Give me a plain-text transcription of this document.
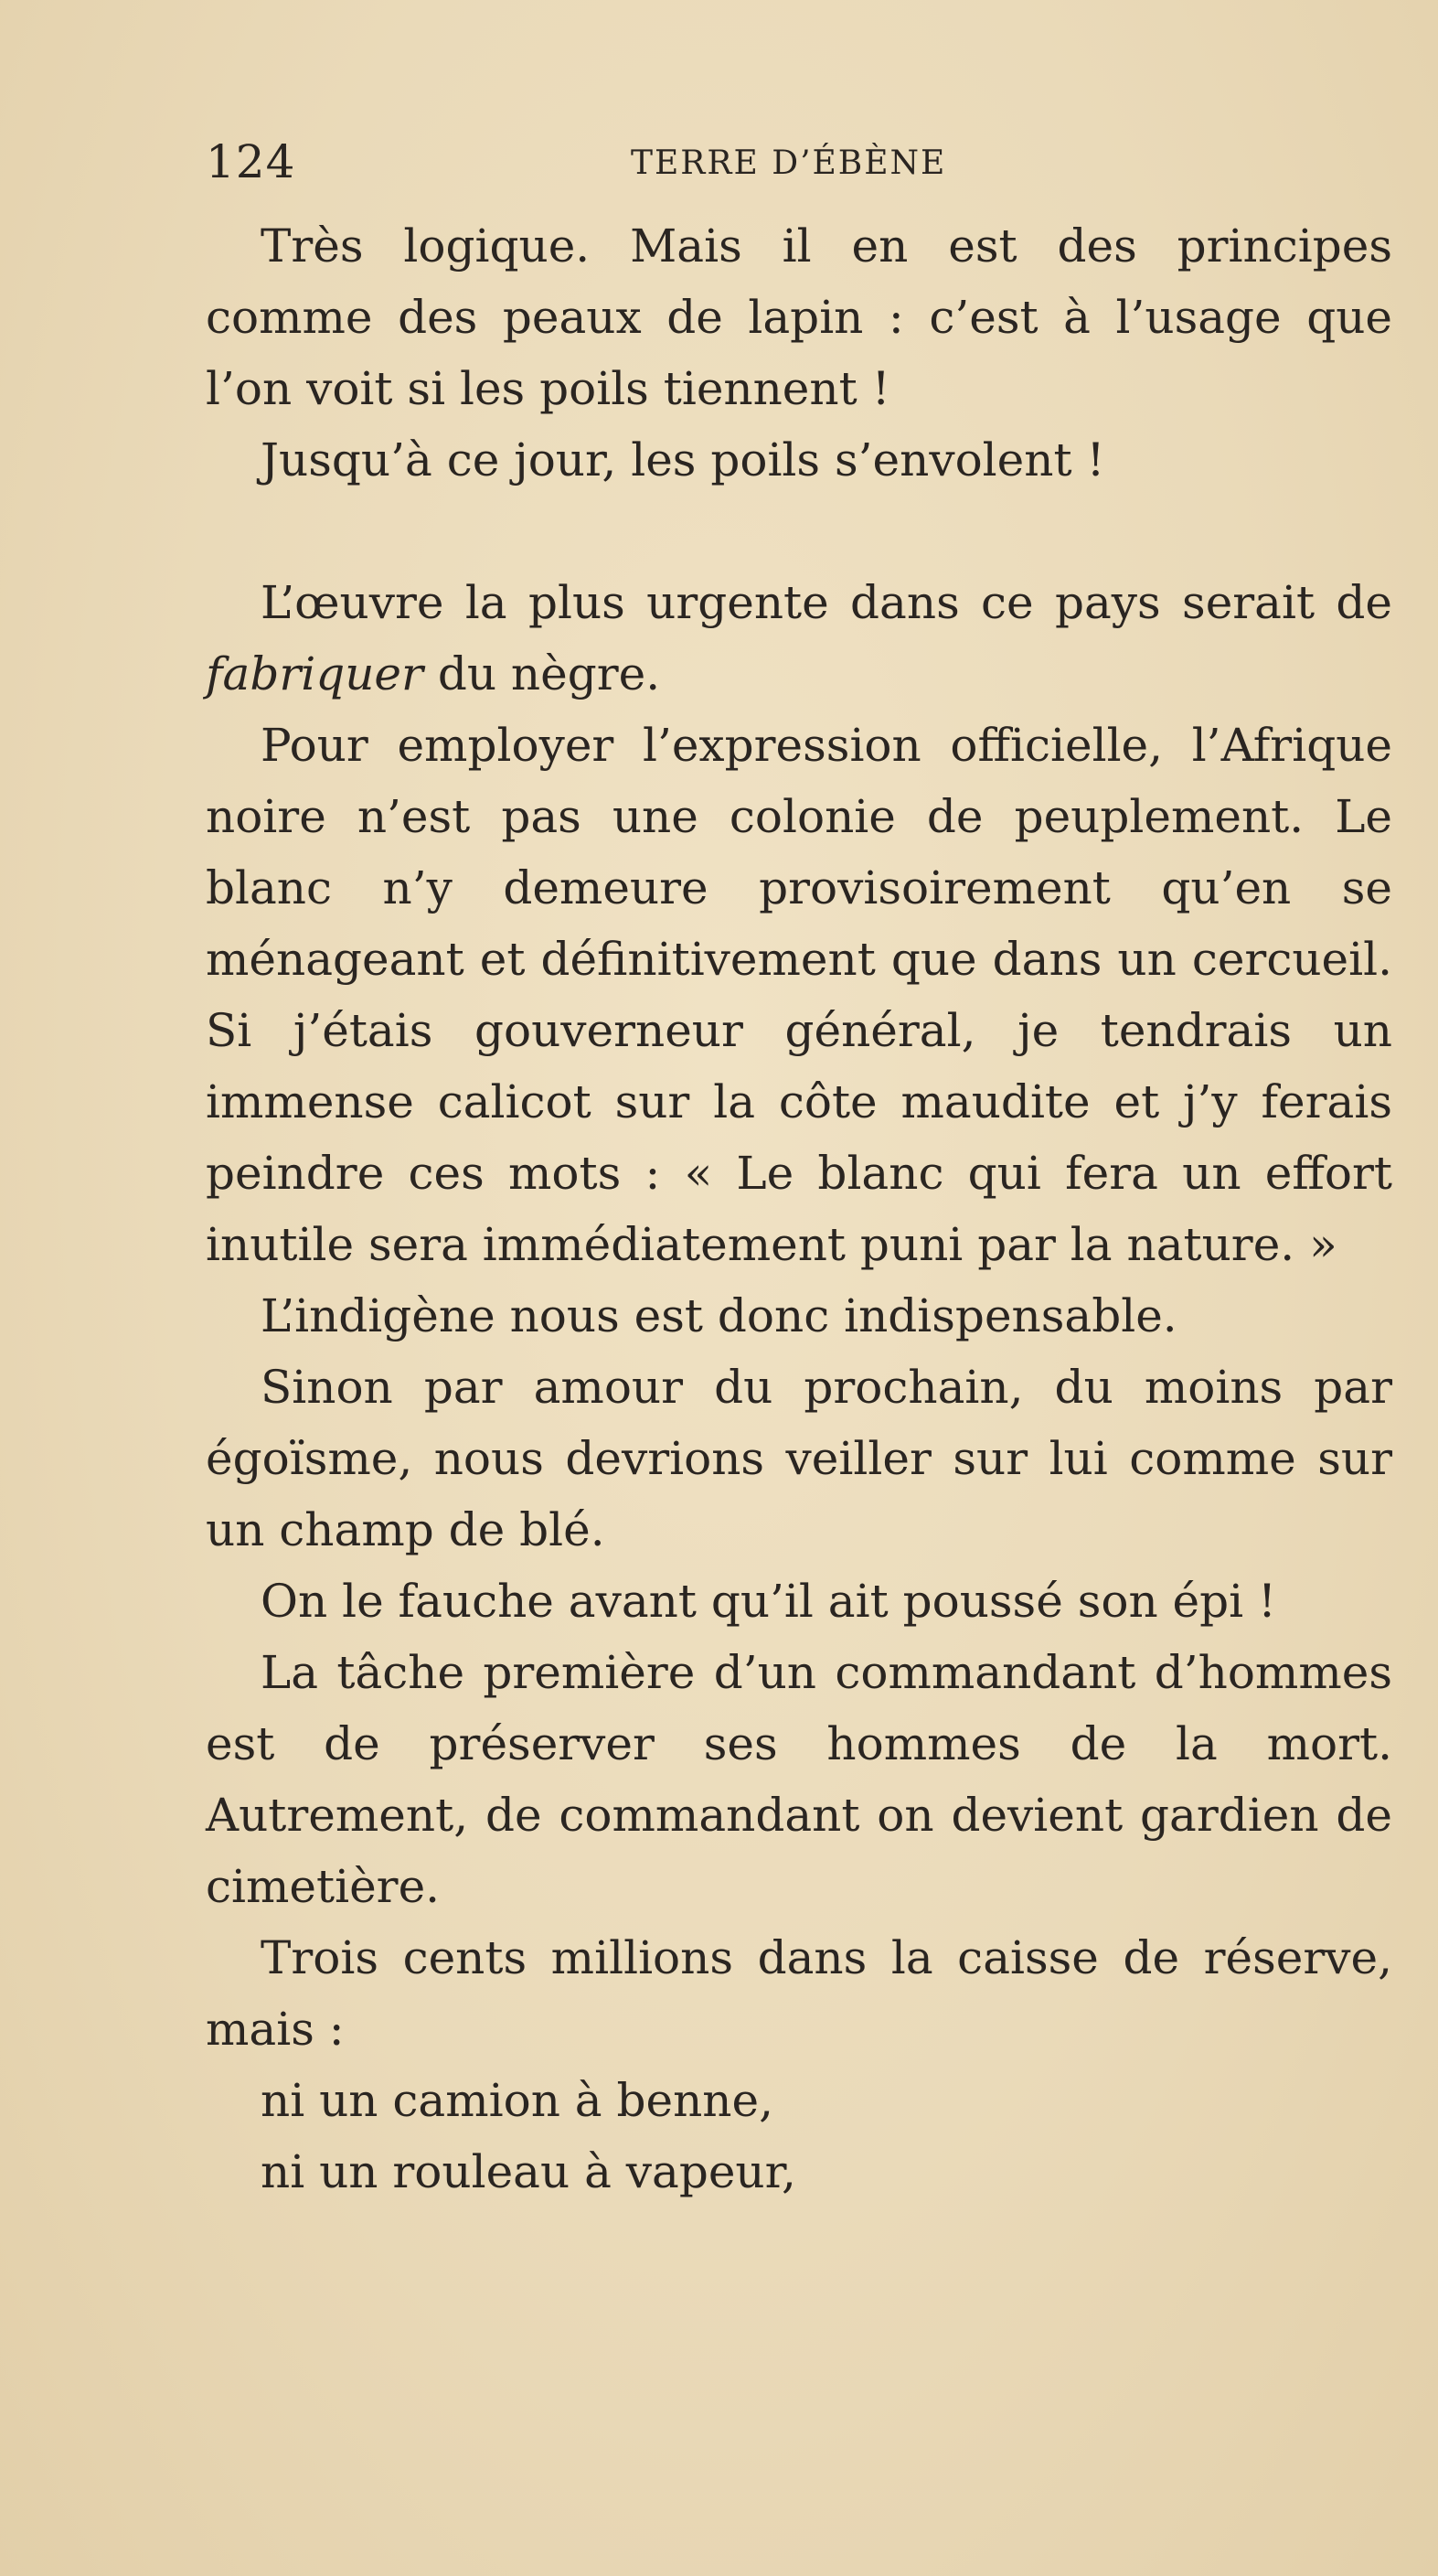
124	TERRE D’ÉBÈNE

Très logique. Mais il en est des principes comme des peaux de lapin : c’est à l’usage que l’on voit si les poils tiennent !

Jusqu’à ce jour, les poils s’envolent !

L’œuvre la plus urgente dans ce pays serait de fabriquer du nègre.

Pour employer l’expression officielle, l’Afrique noire n’est pas une colonie de peuplement. Le blanc n’y demeure provisoirement qu’en se ménageant et définitivement que dans un cercueil. Si j’étais gouverneur général, je tendrais un immense calicot sur la côte maudite et j’y ferais peindre ces mots : « Le blanc qui fera un effort inutile sera immédiatement puni par la nature. »

L’indigène nous est donc indispensable.

Sinon par amour du prochain, du moins par égoïsme, nous devrions veiller sur lui comme sur un champ de blé.

On le fauche avant qu’il ait poussé son épi !

La tâche première d’un commandant d’hommes est de préserver ses hommes de la mort. Autrement, de commandant on devient gardien de cimetière.

Trois cents millions dans la caisse de réserve, mais :

ni un camion à benne,

ni un rouleau à vapeur,
